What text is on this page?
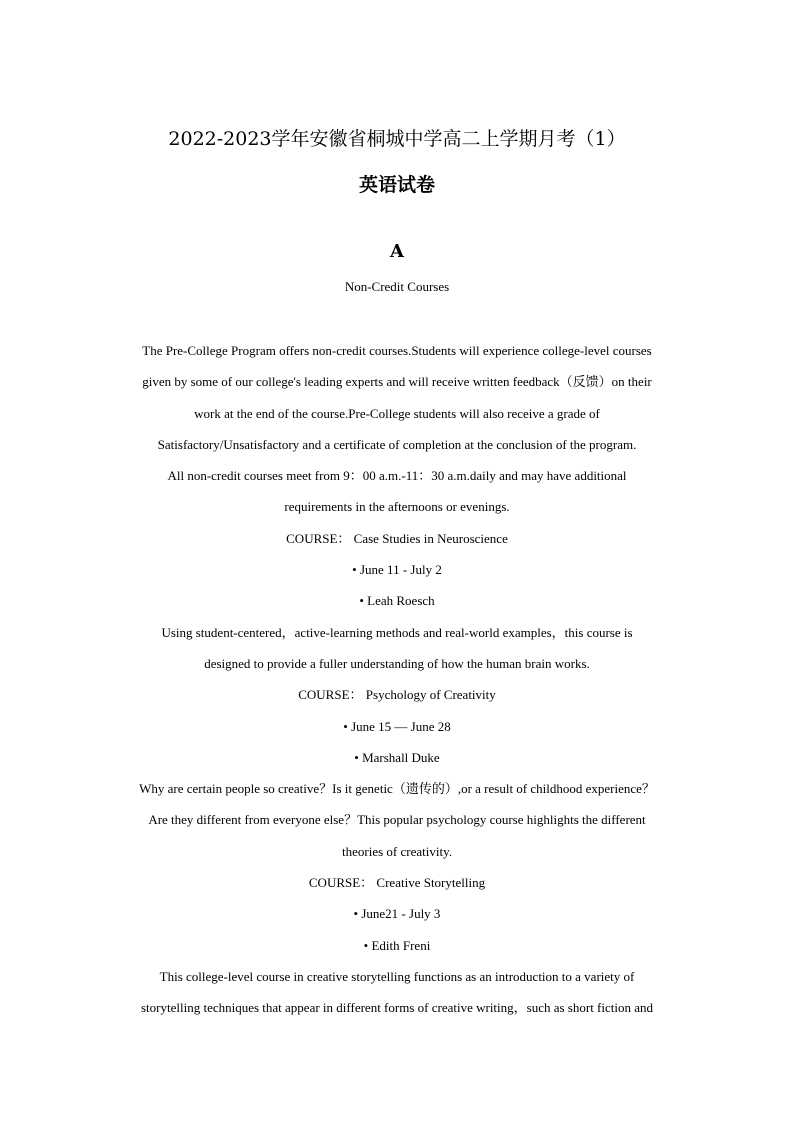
2022-2023学年安徽省桐城中学高二上学期月考（1）
英语试卷
A
Non-Credit Courses
The Pre-College Program offers non-credit courses.Students will experience college-level courses
given by some of our college's leading experts and will receive written feedback（反馈）on their
work at the end of the course.Pre-College students will also receive a grade of
Satisfactory/Unsatisfactory and a certificate of completion at the conclusion of the program.
All non-credit courses meet from 9：00 a.m.-11：30 a.m.daily and may have additional
requirements in the afternoons or evenings.
COURSE： Case Studies in Neuroscience
• June 11 - July 2
• Leah Roesch
Using student-centered，active-learning methods and real-world examples，this course is
designed to provide a fuller understanding of how the human brain works.
COURSE： Psychology of Creativity
• June 15 — June 28
• Marshall Duke
Why are certain people so creative？Is it genetic（遗传的）,or a result of childhood experience？
Are they different from everyone else？This popular psychology course highlights the different
theories of creativity.
COURSE： Creative Storytelling
• June21 - July 3
• Edith Freni
This college-level course in creative storytelling functions as an introduction to a variety of
storytelling techniques that appear in different forms of creative writing，such as short fiction and
